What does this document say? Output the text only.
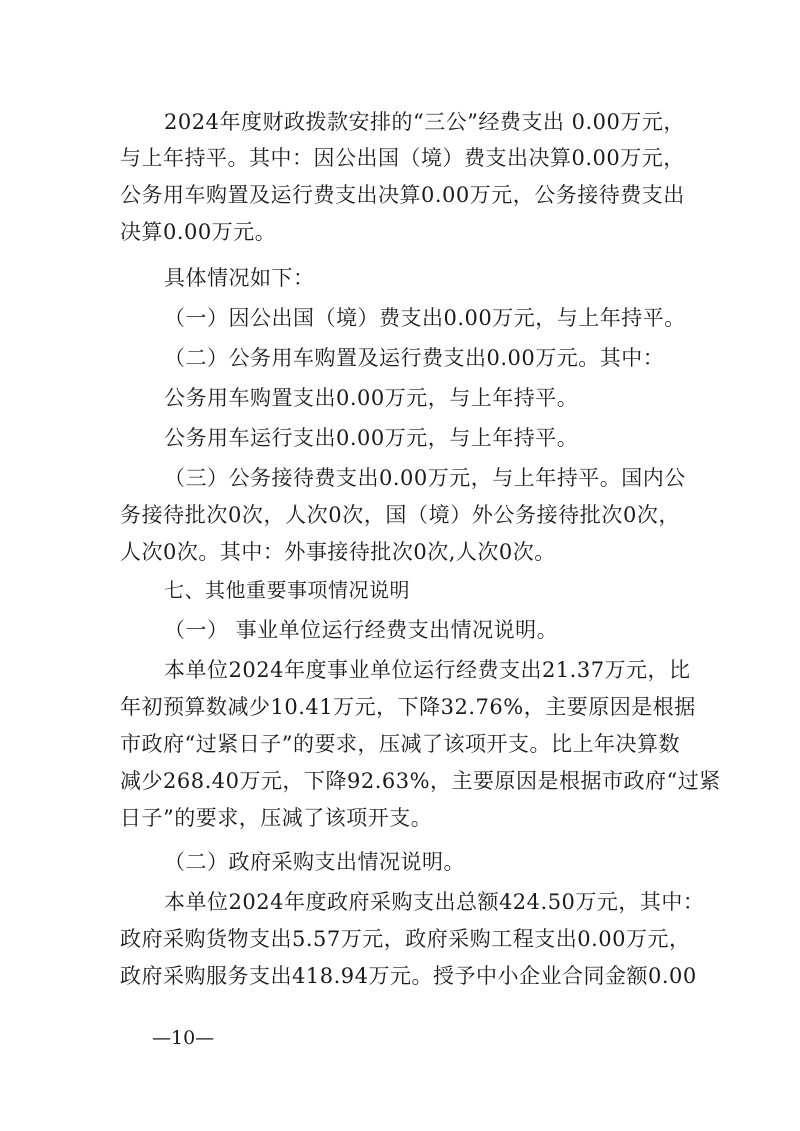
2024年度财政拨款安排的“三公”经费支出 0.00万元，
与上年持平。其中：因公出国（境）费支出决算0.00万元，
公务用车购置及运行费支出决算0.00万元，公务接待费支出
决算0.00万元。
具体情况如下：
（一）因公出国（境）费支出0.00万元，与上年持平。
（二）公务用车购置及运行费支出0.00万元。其中：
公务用车购置支出0.00万元，与上年持平。
公务用车运行支出0.00万元，与上年持平。
（三）公务接待费支出0.00万元，与上年持平。国内公
务接待批次0次，人次0次，国（境）外公务接待批次0次，
人次0次。其中：外事接待批次0次,人次0次。
七、其他重要事项情况说明
（一） 事业单位运行经费支出情况说明。
本单位2024年度事业单位运行经费支出21.37万元，比
年初预算数减少10.41万元，下降32.76%，主要原因是根据
市政府“过紧日子”的要求，压减了该项开支。比上年决算数
减少268.40万元，下降92.63%，主要原因是根据市政府“过紧
日子”的要求，压减了该项开支。
（二）政府采购支出情况说明。
本单位2024年度政府采购支出总额424.50万元，其中：
政府采购货物支出5.57万元，政府采购工程支出0.00万元，
政府采购服务支出418.94万元。授予中小企业合同金额0.00
—10—
